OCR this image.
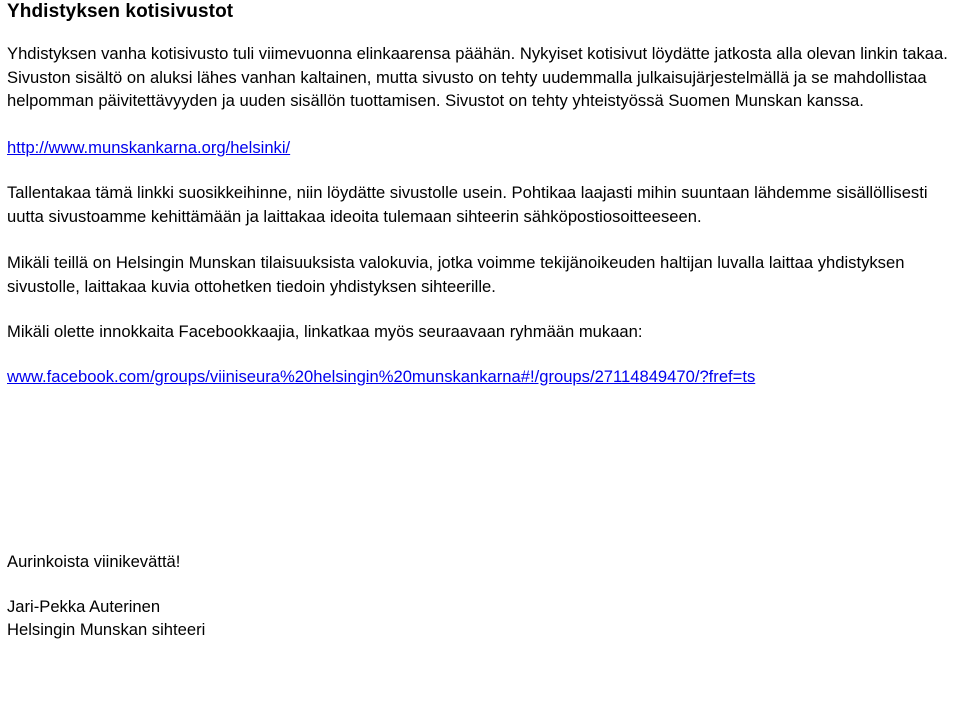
Yhdistyksen kotisivustot

Yhdistyksen vanha kotisivusto tuli viimevuonna elinkaarensa päähän. Nykyiset kotisivut löydätte jatkosta alla olevan linkin takaa. Sivuston sisältö on aluksi lähes vanhan kaltainen, mutta sivusto on tehty uudemmalla julkaisujärjestelmällä ja se mahdollistaa helpomman päivitettävyyden ja uuden sisällön tuottamisen. Sivustot on tehty yhteistyössä Suomen Munskan kanssa.

http://www.munskankarna.org/helsinki/

Tallentakaa tämä linkki suosikkeihinne, niin löydätte sivustolle usein. Pohtikaa laajasti mihin suuntaan lähdemme sisällöllisesti uutta sivustoamme kehittämään ja laittakaa ideoita tulemaan sihteerin sähköpostiosoitteeseen.

Mikäli teillä on Helsingin Munskan tilaisuuksista valokuvia, jotka voimme tekijänoikeuden haltijan luvalla laittaa yhdistyksen sivustolle, laittakaa kuvia ottohetken tiedoin yhdistyksen sihteerille.

Mikäli olette innokkaita Facebookkaajia, linkatkaa myös seuraavaan ryhmään mukaan:

www.facebook.com/groups/viiniseura%20helsingin%20munskankarna#!/groups/27114849470/?fref=ts

Aurinkoista viinikevättä!

Jari-Pekka Auterinen
Helsingin Munskan sihteeri
